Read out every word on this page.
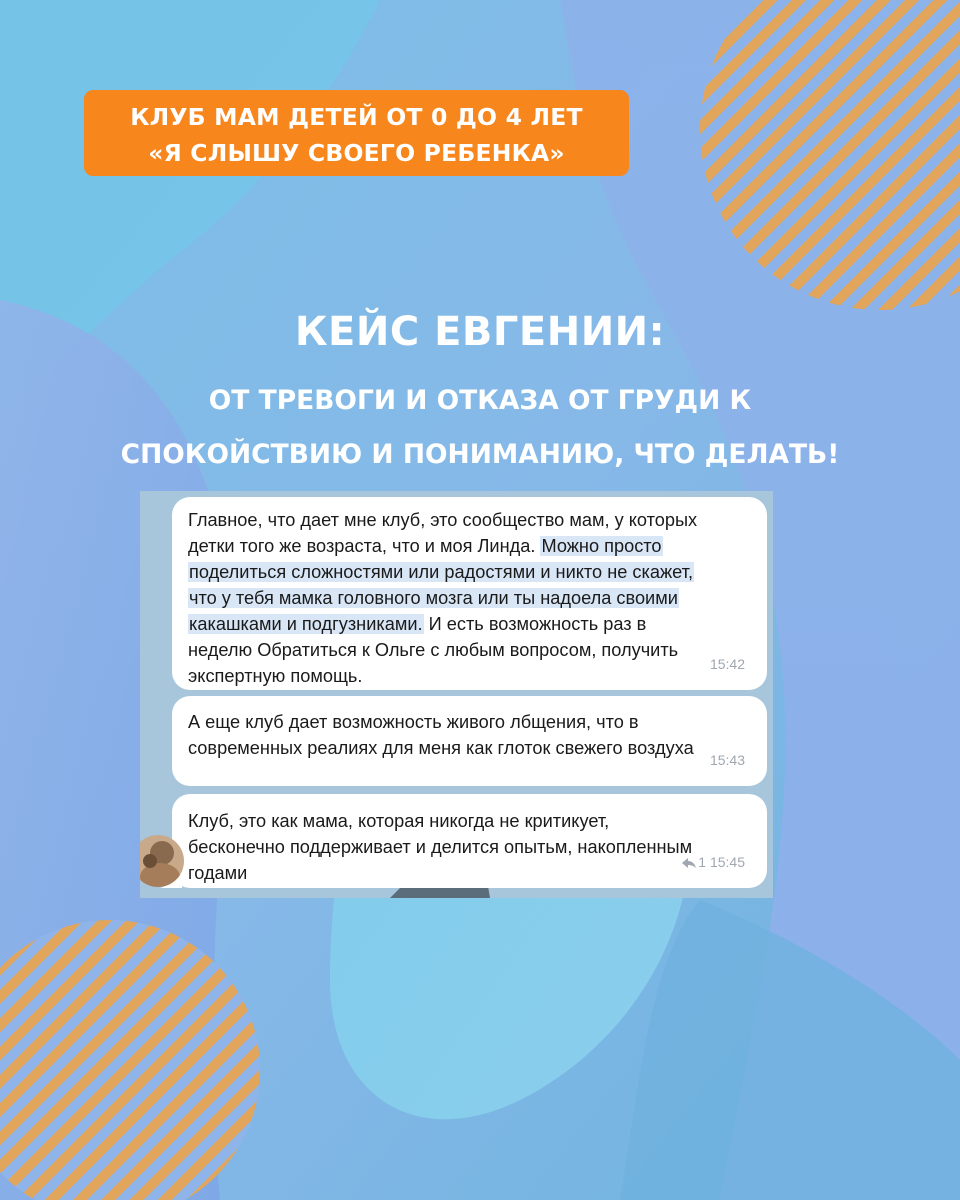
КЛУБ МАМ ДЕТЕЙ ОТ 0 ДО 4 ЛЕТ
«Я СЛЫШУ СВОЕГО РЕБЕНКА»
КЕЙС ЕВГЕНИИ:
ОТ ТРЕВОГИ И ОТКАЗА ОТ ГРУДИ К
СПОКОЙСТВИЮ И ПОНИМАНИЮ, ЧТО ДЕЛАТЬ!
Главное, что дает мне клуб, это сообщество мам, у которых
детки того же возраста, что и моя Линда. Можно просто
поделиться сложностями или радостями и никто не скажет,
что у тебя мамка головного мозга или ты надоела своими
какашками и подгузниками. И есть возможность раз в
неделю Обратиться к Ольге с любым вопросом, получить
экспертную помощь.
15:42
А еще клуб дает возможность живого лбщения, что в
современных реалиях для меня как глоток свежего воздуха
15:43
Клуб, это как мама, которая никогда не критикует,
бесконечно поддерживает и делится опытьм, накопленным
годами
1 15:45
